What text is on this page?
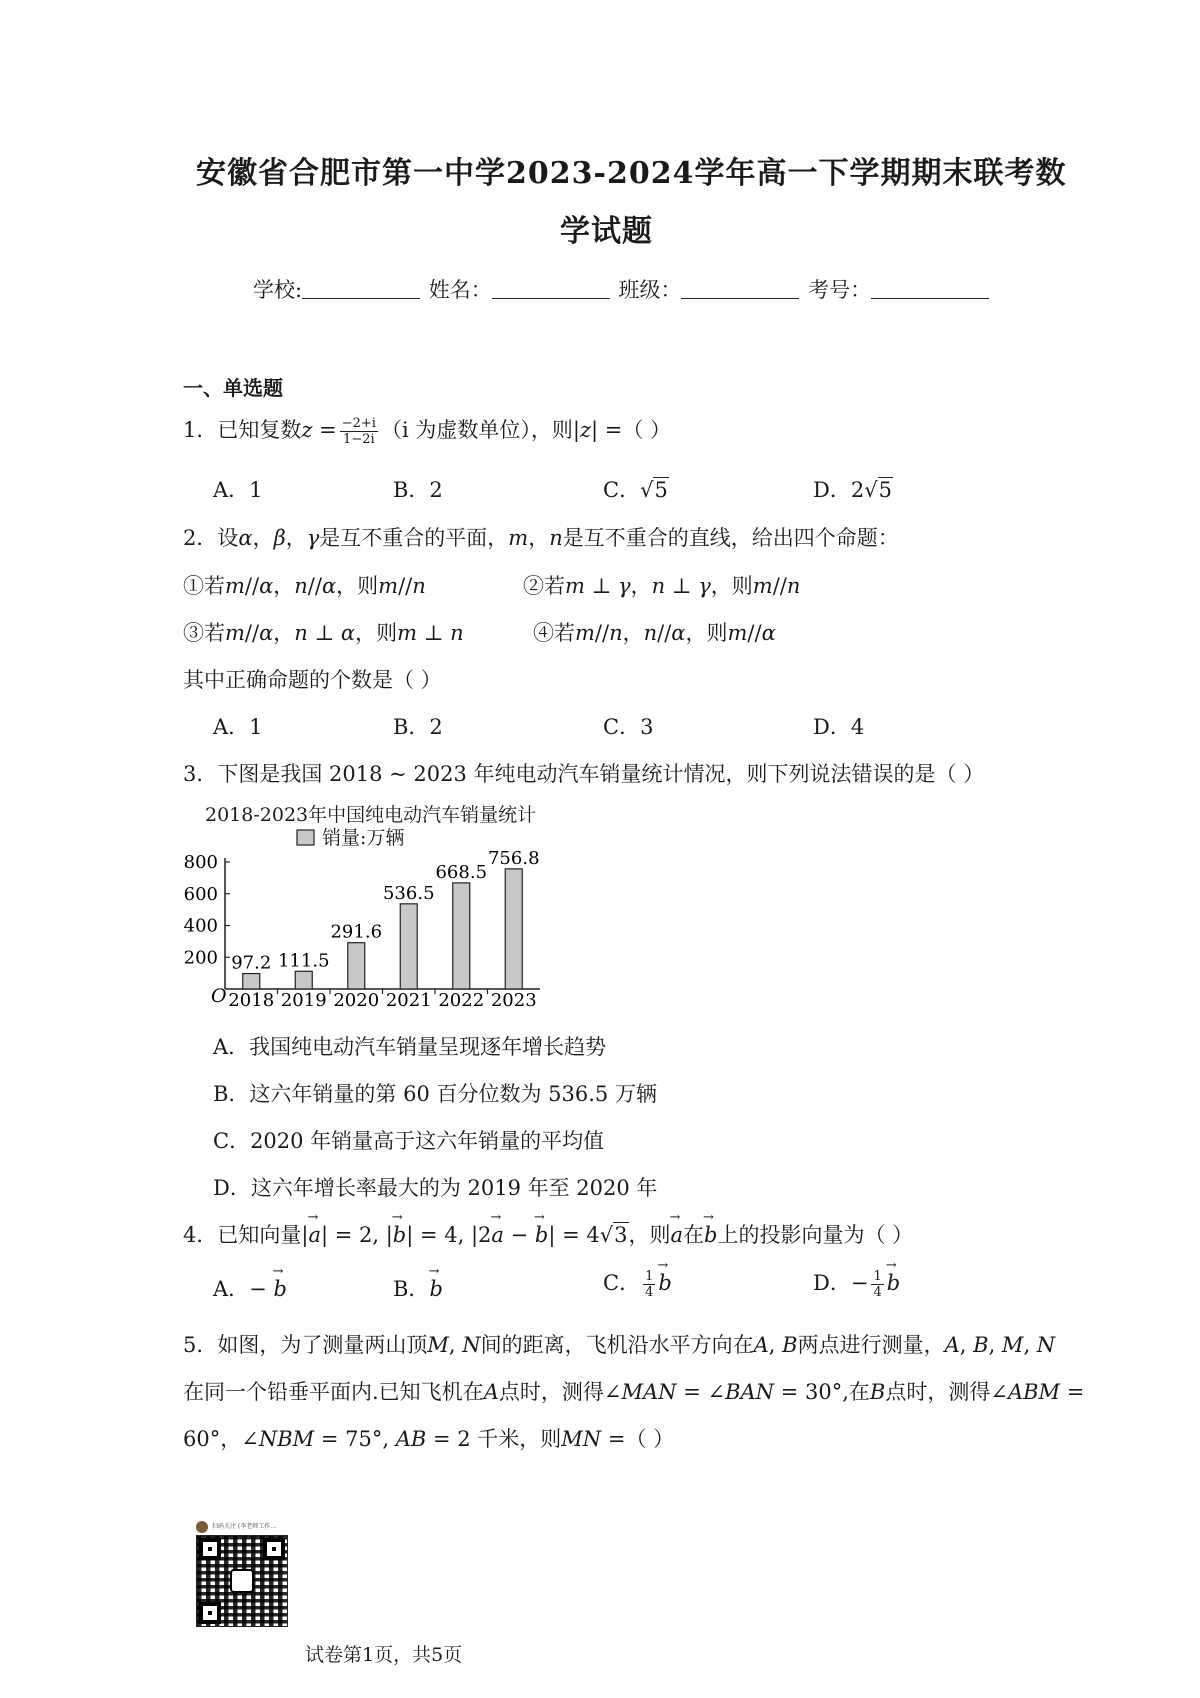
安徽省合肥市第一中学2023-2024学年高一下学期期末联考数
学试题
学校:	姓名：	班级：	考号：
一、单选题
1．已知复数$z = \frac{-2+i}{1-2i} (i$ 为虚数单位），则|z| =（ ）
A．1	B．2	C．√5	D．2√5
2．设α，β，γ是互不重合的平面，m，n是互不重合的直线，给出四个命题：
①若m//α，n//α，则m//n	②若m ⊥ γ，n ⊥ γ，则m//n
③若m//α，n ⊥ α，则m ⊥ n	④若m//n，n//α，则m//α
其中正确命题的个数是（ ）
A．1	B．2	C．3	D．4
3．下图是我国 2018 ~ 2023 年纯电动汽车销量统计情况，则下列说法错误的是（ ）
2018-2023年中国纯电动汽车销量统计
销量:万辆
O
200
400
600
800
97.2
2018
111.5
2019
291.6
2020
536.5
2021
668.5
2022
756.8
2023
A．我国纯电动汽车销量呈现逐年增长趋势
B．这六年销量的第 60 百分位数为 536.5 万辆
C．2020 年销量高于这六年销量的平均值
D．这六年增长率最大的为 2019 年至 2020 年
4．已知向量|→ a| = 2, |→ b| = 4, |2→ a − → b| = 4√3，则→ a在→ b上的投影向量为（ ）
A．− → b	B．→ b	C． $\frac{1}{4}$
→ b	D．− $\frac{1}{4}$
→ b
5．如图，为了测量两山顶M, N间的距离，飞机沿水平方向在A, B两点进行测量，A, B, M, N
在同一个铅垂平面内.已知飞机在A点时，测得∠MAN = ∠BAN = 30°,在B点时，测得∠ABM =
60°，∠NBM = 75°, AB = 2 千米，则MN =（ ）
扫码关注 (李老师工作…
试卷第1页，共5页
